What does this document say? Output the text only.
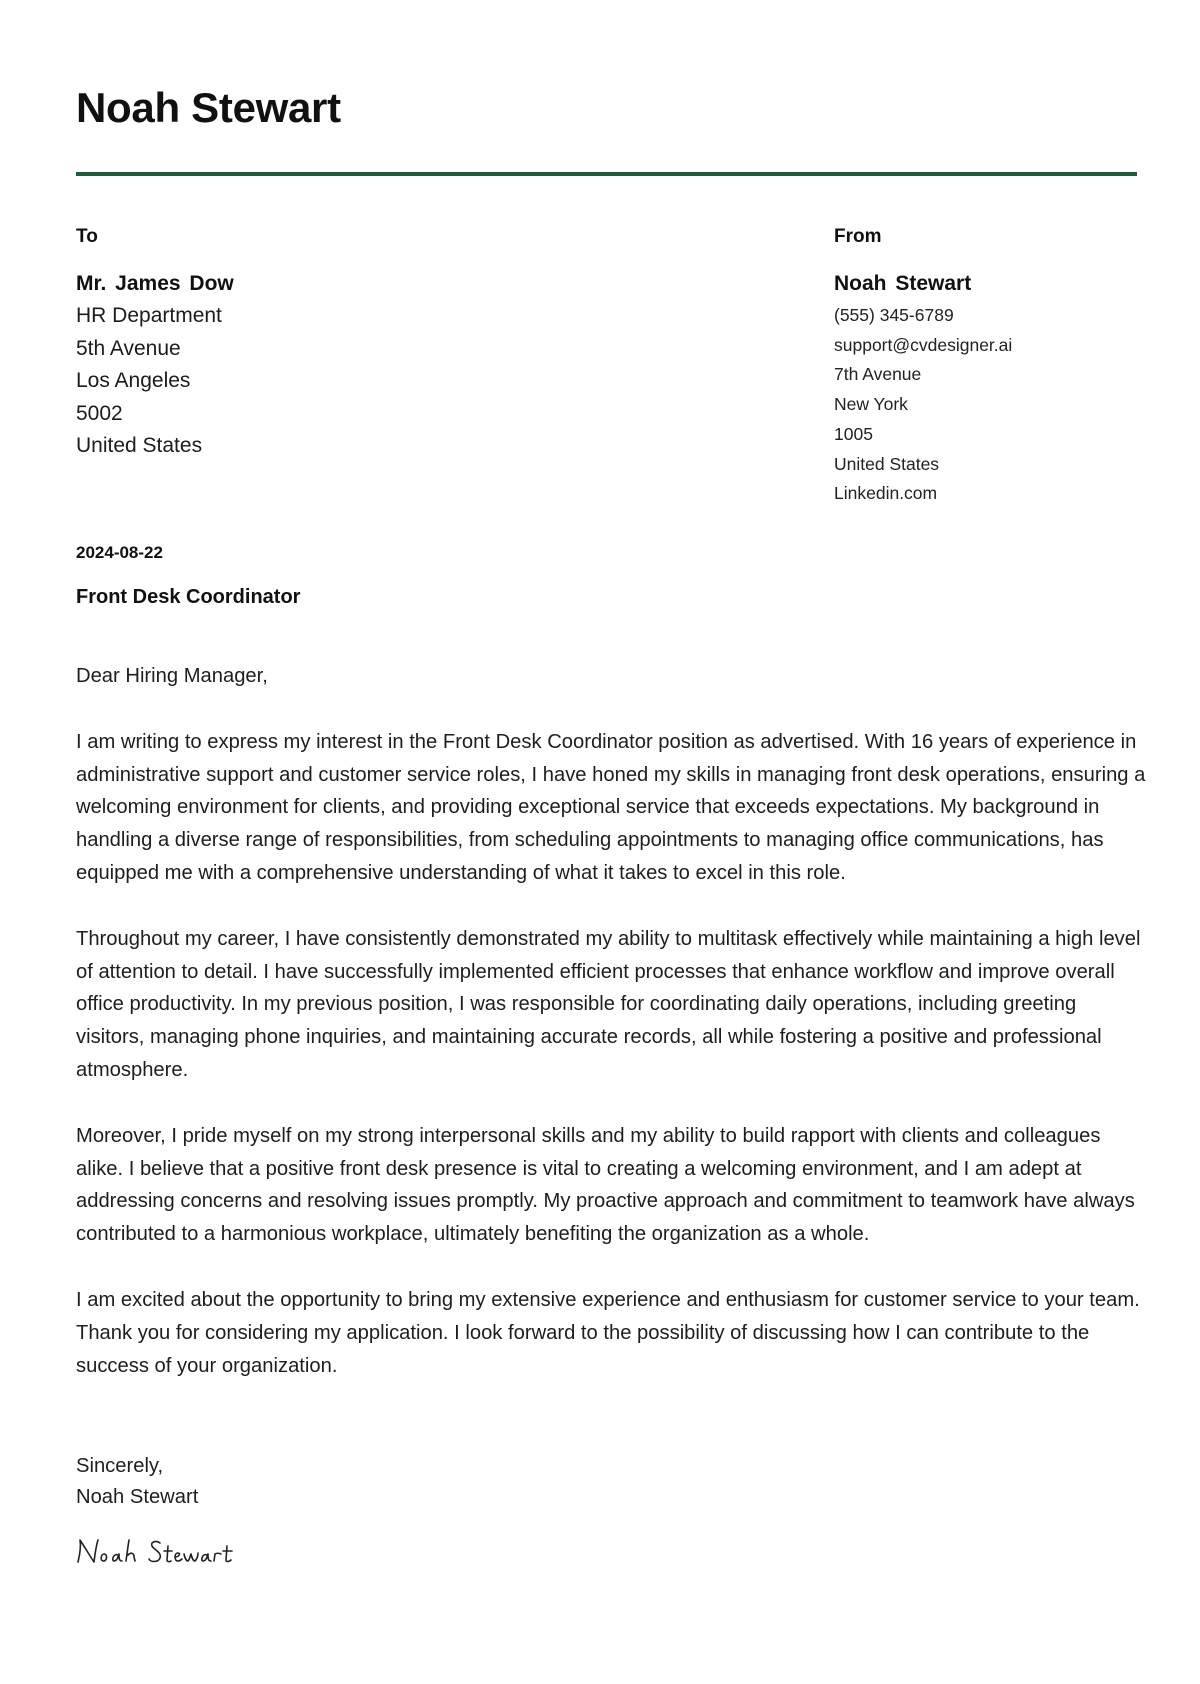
Noah Stewart
To
Mr. James Dow
HR Department
5th Avenue
Los Angeles
5002
United States
From
Noah Stewart
(555) 345-6789
support@cvdesigner.ai
7th Avenue
New York
1005
United States
Linkedin.com
2024-08-22
Front Desk Coordinator
Dear Hiring Manager,
I am writing to express my interest in the Front Desk Coordinator position as advertised. With 16 years of experience in administrative support and customer service roles, I have honed my skills in managing front desk operations, ensuring a welcoming environment for clients, and providing exceptional service that exceeds expectations. My background in handling a diverse range of responsibilities, from scheduling appointments to managing office communications, has equipped me with a comprehensive understanding of what it takes to excel in this role.
Throughout my career, I have consistently demonstrated my ability to multitask effectively while maintaining a high level of attention to detail. I have successfully implemented efficient processes that enhance workflow and improve overall office productivity. In my previous position, I was responsible for coordinating daily operations, including greeting visitors, managing phone inquiries, and maintaining accurate records, all while fostering a positive and professional atmosphere.
Moreover, I pride myself on my strong interpersonal skills and my ability to build rapport with clients and colleagues alike. I believe that a positive front desk presence is vital to creating a welcoming environment, and I am adept at addressing concerns and resolving issues promptly. My proactive approach and commitment to teamwork have always contributed to a harmonious workplace, ultimately benefiting the organization as a whole.
I am excited about the opportunity to bring my extensive experience and enthusiasm for customer service to your team. Thank you for considering my application. I look forward to the possibility of discussing how I can contribute to the success of your organization.
Sincerely,
Noah Stewart
